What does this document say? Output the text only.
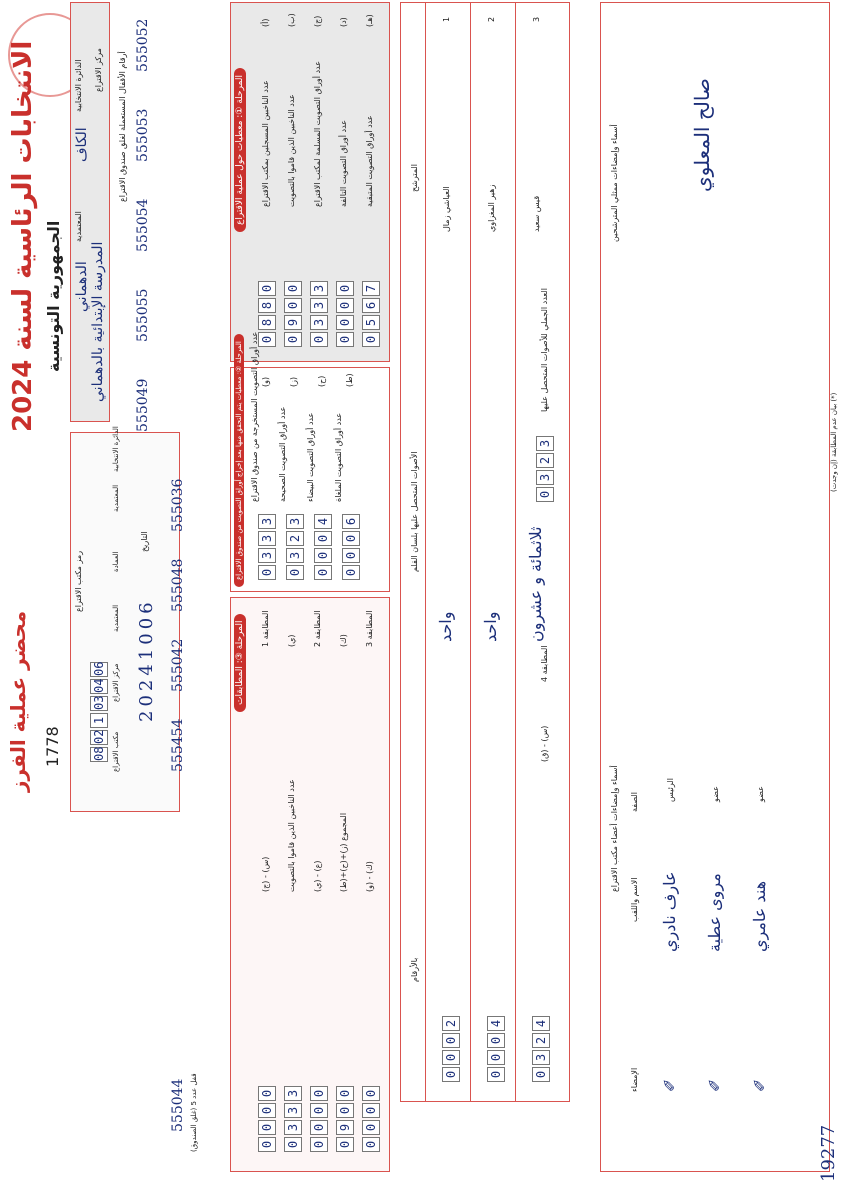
الانتخابات الرئاسية لسنة 2024 الجمهورية التونسية
1778
محضر عملية الفرز
الدائرة الانتخابية
الكاف
المعتمدية
الدهماني
مركز الاقتراع
المدرسة الإبتدائية بالدهماني
رمز مكتب الاقتراع
08
02
1
03
04
06
مكتب الاقتراع
مركز الاقتراع
المعتمدية
العمادة
المعتمدية
الدائرة الانتخابية
التاريخ
20241006
أرقام الأقفال المستعملة لغلق صندوق الاقتراع
555052
555053
555054
555055
555049
555036
555048
555042
555454
555044 قفل عدد 5 (غلق الصندوق)
المرحلة ①: معطيات حول عملية الاقتراع
المرحلة ②: معطيات يتم التحقق منها بعد إخراج أوراق التصويت من صندوق الاقتراع
المرحلة ③: المطابقات
المترشح
الأصوات المتحصل عليها بلسان القلم
بالأرقام
العدد الجملي للأصوات المتحصل عليها
0
3
2
3
المطابقة 4
(س) - (ق)
أسماء وإمضاءات ممثلي المترشحين	صالح المعلوي
أسماء وإمضاءات أعضاء مكتب الاقتراع الصفة
الاسم واللقب
الإمضاء
(*) بيان عدم المطابقة (إن وجدت)
19277
(أ)
عدد الناخبين المسجلين بمكتب الاقتراع
0
8
8
0
(ب)
عدد الناخبين الذين قاموا بالتصويت
0
9
0
0
(ج)
عدد أوراق التصويت المسلمة لمكتب الاقتراع
0
3
3
3
(د)
عدد أوراق التصويت التالفة
0
0
0
0
(هـ)
عدد أوراق التصويت المتبقية
0
5
6
7
(و)
عدد أوراق التصويت المستخرجة من صندوق الاقتراع
0
3
3
3
(ز)
عدد أوراق التصويت الصحيحة
0
3
2
3
(ح)
عدد أوراق التصويت البيضاء
0
0
0
4
(ط)
عدد أوراق التصويت الملغاة
0
0
0
6
المطابقة 1
(س) - (ج)
0
0
0
0
(ي)
عدد الناخبين الذين قاموا بالتصويت
0
3
3
3
المطابقة 2
(ع) - (ي)
0
0
0
0
(ك)
المجموع (ز)+(ح)+(ط)
0
9
0
0
المطابقة 3
(ك) - (و)
0
0
0
0
1
العياشي زمال
واحد
0
0
0
2
2
زهير المغزاوي
واحد
0
0
0
4
3
قيس سعيد
ثلاثمائة و عشرون
0
3
2
4
الرئيس
عارف نادري
✐
عضو
مروى عطية
✐
عضو
هند عامري
✐
